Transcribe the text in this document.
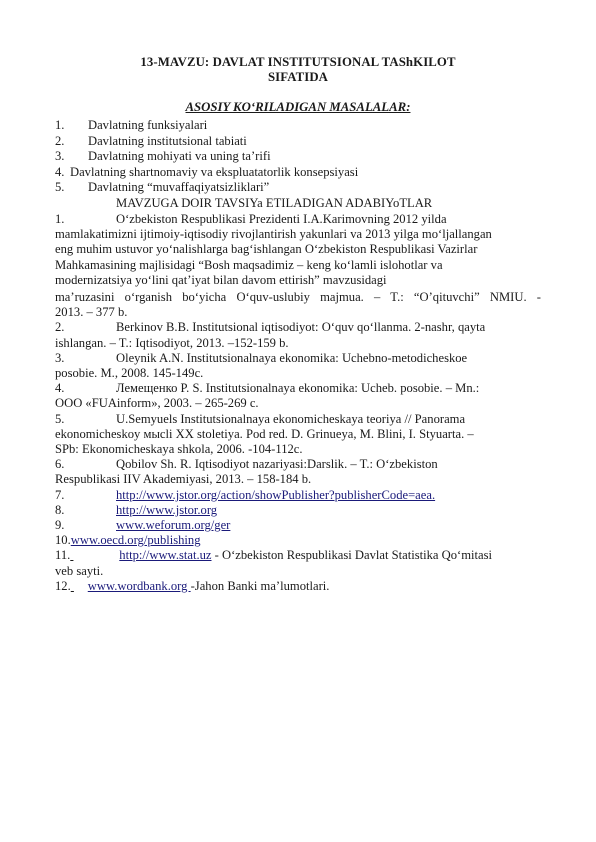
13-MAVZU: DAVLAT INSTITUTSIONAL TAShKILOT
SIFATIDA
ASOSIY KO‘RILADIGAN MASALALAR:
1.	Davlatning funksiyalari
2.	Davlatning institutsional tabiati
3.	Davlatning mohiyati va uning ta’rifi
4. Davlatning shartnomaviy va ekspluatatorlik konsepsiyasi
5.	Davlatning “muvaffaqiyatsizliklari”
MAVZUGA DOIR TAVSIYa ETILADIGAN ADABIYoTLAR
1.	O‘zbekiston Respublikasi Prezidenti I.A.Karimovning 2012 yilda
mamlakatimizni ijtimoiy-iqtisodiy rivojlantirish yakunlari va 2013 yilga mo‘ljallangan
eng muhim ustuvor yo‘nalishlarga bag‘ishlangan O‘zbekiston Respublikasi Vazirlar
Mahkamasining majlisidagi “Bosh maqsadimiz – keng ko‘lamli islohotlar va
modernizatsiya yo‘lini qat’iyat bilan davom ettirish” mavzusidagi
ma’ruzasini o‘rganish bo‘yicha O‘quv-uslubiy majmua. – T.: “O’qituvchi” NMIU. -
2013. – 377 b.
2.	Berkinov B.B. Institutsional iqtisodiyot: O‘quv qo‘llanma. 2-nashr, qayta
ishlangan. – T.: Iqtisodiyot, 2013. –152-159 b.
3.	Oleynik A.N. Institutsionalnaya ekonomika: Uchebno-metodicheskoe
posobie. M., 2008. 145-149c.
4.	Лемещенко P. S. Institutsionalnaya ekonomika: Ucheb. posobie. – Mn.:
OOO «FUAinform», 2003. – 265-269 c.
5.	U.Semyuels Institutsionalnaya ekonomicheskaya teoriya // Panorama
ekonomicheskoy мысli XX stoletiya. Pod red. D. Grinueya, M. Blini, I. Styuarta. –
SPb: Ekonomicheskaya shkola, 2006. -104-112c.
6.	Qobilov Sh. R. Iqtisodiyot nazariyasi:Darslik. – T.: O‘zbekiston
Respublikasi IIV Akademiyasi, 2013. – 158-184 b.
7.	http://www.jstor.org/action/showPublisher?publisherCode=aea.
8.	http://www.jstor.org
9.	www.weforum.org/ger
10.www.oecd.org/publishing
11.	http://www.stat.uz - O‘zbekiston Respublikasi Davlat Statistika Qo‘mitasi
veb sayti.
12. www.wordbank.org -Jahon Banki ma’lumotlari.
